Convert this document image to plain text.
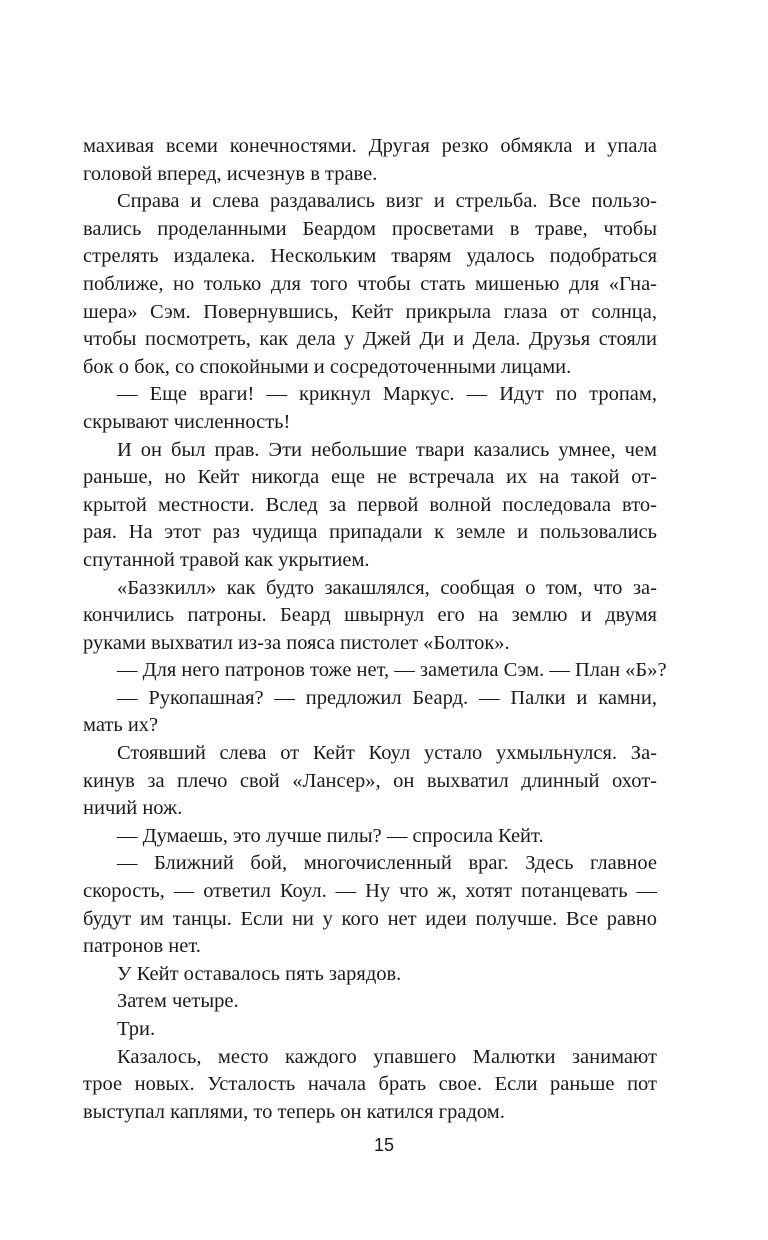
махивая всеми конечностями. Другая резко обмякла и упала
головой вперед, исчезнув в траве.
Справа и слева раздавались визг и стрельба. Все пользо-
вались проделанными Беардом просветами в траве, чтобы
стрелять издалека. Нескольким тварям удалось подобраться
поближе, но только для того чтобы стать мишенью для «Гна-
шера» Сэм. Повернувшись, Кейт прикрыла глаза от солнца,
чтобы посмотреть, как дела у Джей Ди и Дела. Друзья стояли
бок о бок, со спокойными и сосредоточенными лицами.
— Еще враги! — крикнул Маркус. — Идут по тропам,
скрывают численность!
И он был прав. Эти небольшие твари казались умнее, чем
раньше, но Кейт никогда еще не встречала их на такой от-
крытой местности. Вслед за первой волной последовала вто-
рая. На этот раз чудища припадали к земле и пользовались
спутанной травой как укрытием.
«Баззкилл» как будто закашлялся, сообщая о том, что за-
кончились патроны. Беард швырнул его на землю и двумя
руками выхватил из-за пояса пистолет «Болток».
— Для него патронов тоже нет, — заметила Сэм. — План «Б»?
— Рукопашная? — предложил Беард. — Палки и камни,
мать их?
Стоявший слева от Кейт Коул устало ухмыльнулся. За-
кинув за плечо свой «Лансер», он выхватил длинный охот-
ничий нож.
— Думаешь, это лучше пилы? — спросила Кейт.
— Ближний бой, многочисленный враг. Здесь главное
скорость, — ответил Коул. — Ну что ж, хотят потанцевать —
будут им танцы. Если ни у кого нет идеи получше. Все равно
патронов нет.
У Кейт оставалось пять зарядов.
Затем четыре.
Три.
Казалось, место каждого упавшего Малютки занимают
трое новых. Усталость начала брать свое. Если раньше пот
выступал каплями, то теперь он катился градом.
15
